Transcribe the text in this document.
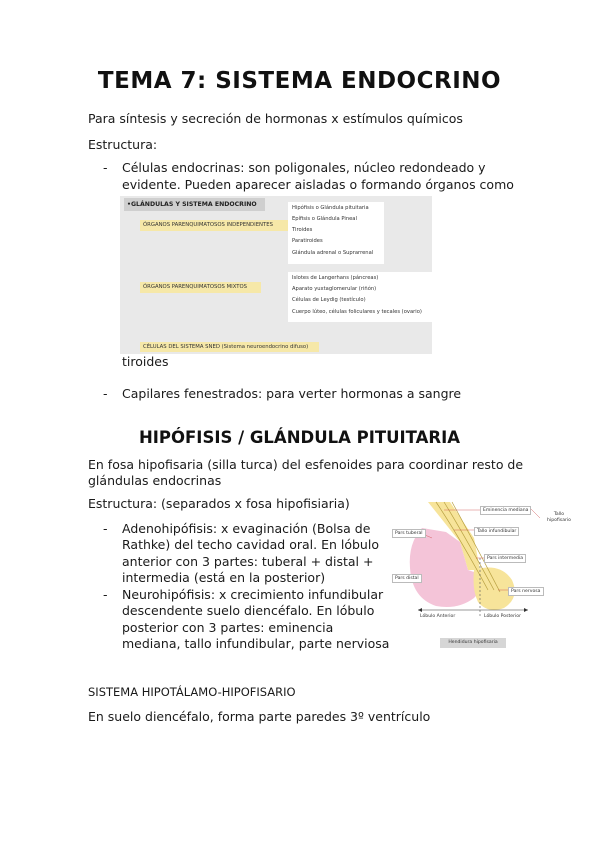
TEMA 7: SISTEMA ENDOCRINO
Para síntesis y secreción de hormonas x estímulos químicos
Estructura:
- Células endocrinas: son poligonales, núcleo redondeado y
evidente. Pueden aparecer aisladas o formando órganos como
•GLÁNDULAS Y SISTEMA ENDOCRINO
ÓRGANOS PARENQUIMATOSOS INDEPENDIENTES
Hipófisis o Glándula pituitaria
Epífisis o Glándula Pineal
Tiroides
Paratiroides
Glándula adrenal o Suprarrenal
ÓRGANOS PARENQUIMATOSOS MIXTOS
Islotes de Langerhans (páncreas)
Aparato yuxtaglomerular (riñón)
Células de Leydig (testículo)
Cuerpo lúteo, células foliculares y tecales (ovario)
CÉLULAS DEL SISTEMA SNED (Sistema neuroendocrino difuso)
tiroides
- Capilares fenestrados: para verter hormonas a sangre
HIPÓFISIS / GLÁNDULA PITUITARIA
En fosa hipofisaria (silla turca) del esfenoides para coordinar resto de
glándulas endocrinas
Estructura: (separados x fosa hipofisiaria)
- Adenohipófisis: x evaginación (Bolsa de
Rathke) del techo cavidad oral. En lóbulo
anterior con 3 partes: tuberal + distal +
intermedia (está en la posterior)
- Neurohipófisis: x crecimiento infundibular
descendente suelo diencéfalo. En lóbulo
posterior con 3 partes: eminencia
mediana, tallo infundibular, parte nerviosa
Eminencia mediana
Tallo infundibular
Tallo hipofisario
Pars tuberal
Pars intermedia
Pars distal
Pars nervosa
Lóbulo Anterior	Lóbulo Posterior
Hendidura hipofisaria
SISTEMA HIPOTÁLAMO-HIPOFISARIO
En suelo diencéfalo, forma parte paredes 3º ventrículo
